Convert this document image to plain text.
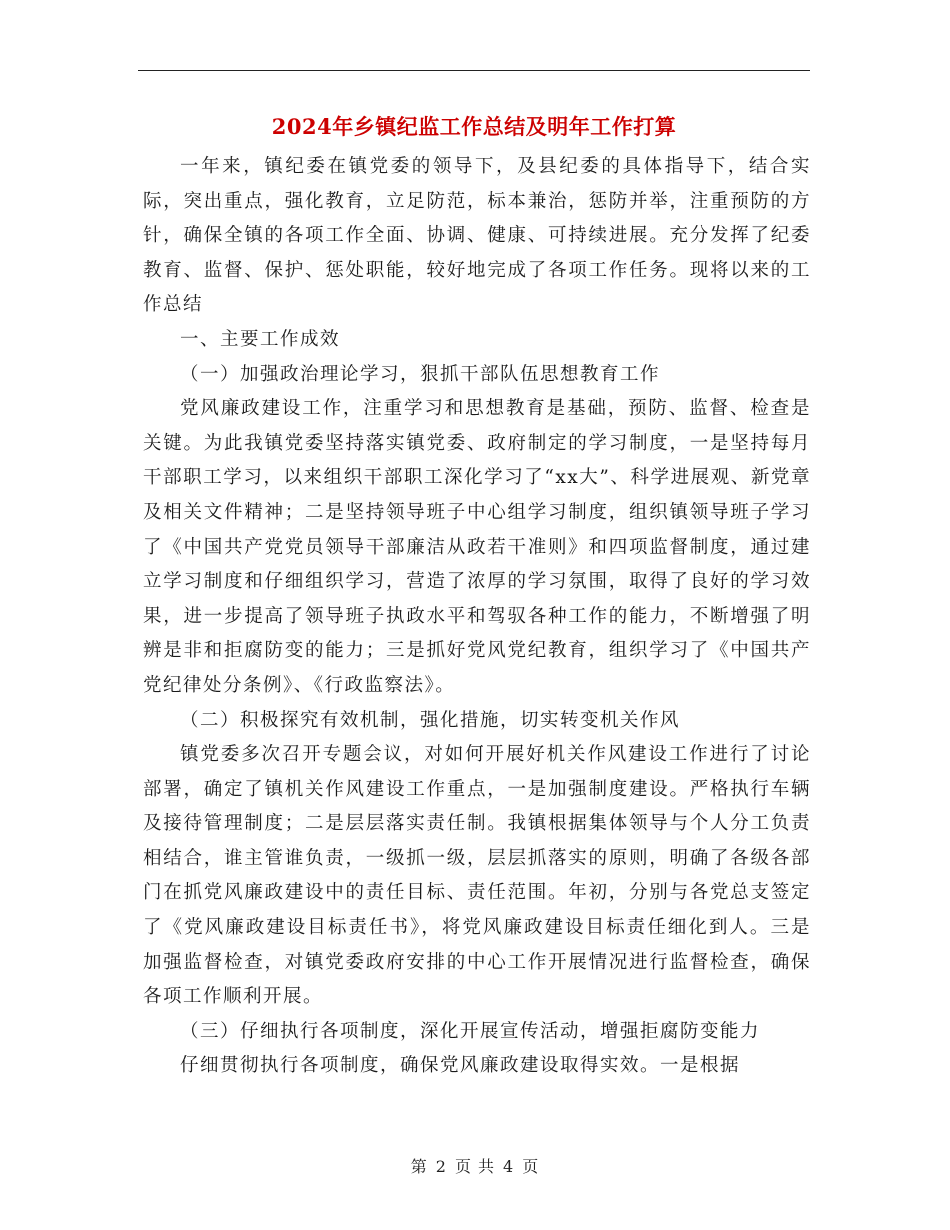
2024年乡镇纪监工作总结及明年工作打算

一年来，镇纪委在镇党委的领导下，及县纪委的具体指导下，结合实际，突出重点，强化教育，立足防范，标本兼治，惩防并举，注重预防的方针，确保全镇的各项工作全面、协调、健康、可持续进展。充分发挥了纪委教育、监督、保护、惩处职能，较好地完成了各项工作任务。现将以来的工作总结

一、主要工作成效

（一）加强政治理论学习，狠抓干部队伍思想教育工作

党风廉政建设工作，注重学习和思想教育是基础，预防、监督、检查是关键。为此我镇党委坚持落实镇党委、政府制定的学习制度，一是坚持每月干部职工学习，以来组织干部职工深化学习了“xx大”、科学进展观、新党章及相关文件精神；二是坚持领导班子中心组学习制度，组织镇领导班子学习了《中国共产党党员领导干部廉洁从政若干准则》和四项监督制度，通过建立学习制度和仔细组织学习，营造了浓厚的学习氛围，取得了良好的学习效果，进一步提高了领导班子执政水平和驾驭各种工作的能力，不断增强了明辨是非和拒腐防变的能力；三是抓好党风党纪教育，组织学习了《中国共产党纪律处分条例》、《行政监察法》。

（二）积极探究有效机制，强化措施，切实转变机关作风

镇党委多次召开专题会议，对如何开展好机关作风建设工作进行了讨论部署，确定了镇机关作风建设工作重点，一是加强制度建设。严格执行车辆及接待管理制度；二是层层落实责任制。我镇根据集体领导与个人分工负责相结合，谁主管谁负责，一级抓一级，层层抓落实的原则，明确了各级各部门在抓党风廉政建设中的责任目标、责任范围。年初，分别与各党总支签定了《党风廉政建设目标责任书》，将党风廉政建设目标责任细化到人。三是加强监督检查，对镇党委政府安排的中心工作开展情况进行监督检查，确保各项工作顺利开展。

（三）仔细执行各项制度，深化开展宣传活动，增强拒腐防变能力

仔细贯彻执行各项制度，确保党风廉政建设取得实效。一是根据

第 2 页 共 4 页
